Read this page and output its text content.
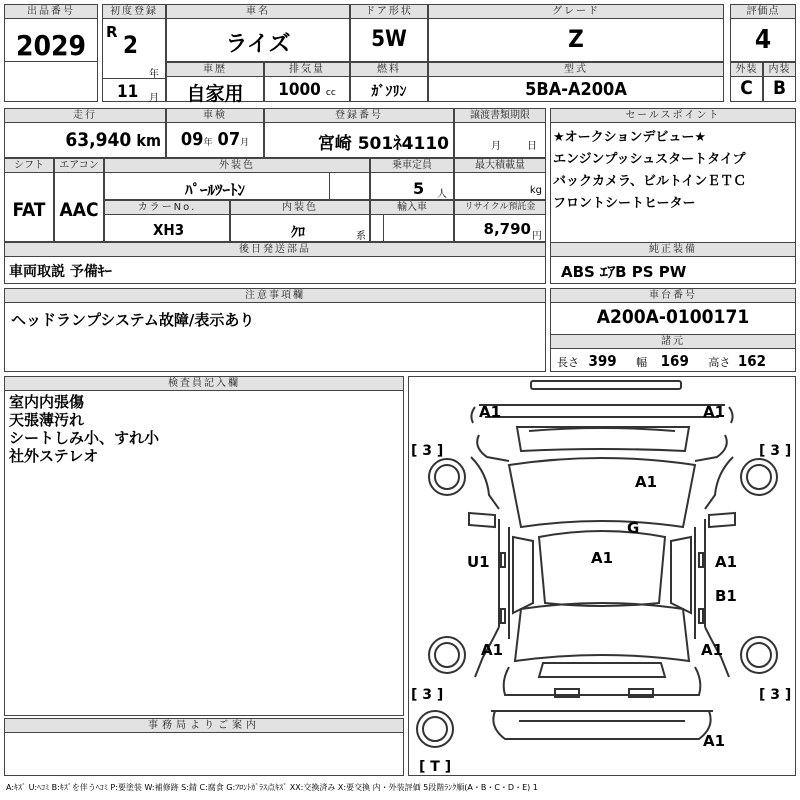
出品番号
2029
初度登録
R 2
年
11 月
車名
ライズ
ドア形状
5W
グレード
Z
評価点
4
車歴
自家用
排気量
1000 cc
燃料
ｶﾞｿﾘﾝ
型式
5BA-A200A
外装
C
内装
B
走行
63,940 km
車検
09年 07月
登録番号
宮崎 501ﾈ4110
譲渡書類期限
月	日
セールスポイント
★オークションデビュー★
エンジンプッシュスタートタイプ
バックカメラ、ビルトインＥＴＣ
フロントシートヒーター
シフト
FAT
エアコン
AAC
外装色
ﾊﾟｰﾙﾂｰﾄﾝ
乗車定員
5 人
最大積載量
kg
カラーNo.
XH3
内装色
ｸﾛ	系
輸入車	リサイクル預託金
8,790 円
後日発送部品
車両取説 予備ｷｰ
純正装備
ABS ｴｱB PS PW
注意事項欄
ヘッドランプシステム故障/表示あり
車台番号
A200A-0100171
諸元
長さ 399 幅 169 高さ 162
検査員記入欄
室内内張傷
天張薄汚れ
シートしみ小、すれ小
社外ステレオ
事務局よりご案内
A1	A1
A1
G
A1
U1	A1
B1
A1	A1
A1
[ 3 ]	[ 3 ]
[ 3 ]	[ 3 ]
[ T ]
A:ｷｽﾞ U:ﾍｺﾐ B:ｷｽﾞを伴うﾍｺﾐ P:要塗装 W:補修跡 S:錆 C:腐食 G:ﾌﾛﾝﾄｶﾞﾗｽ点ｷｽﾞ XX:交換済み X:要交換 内・外装評価 5段階ﾗﾝｸ順(A・B・C・D・E) 1
